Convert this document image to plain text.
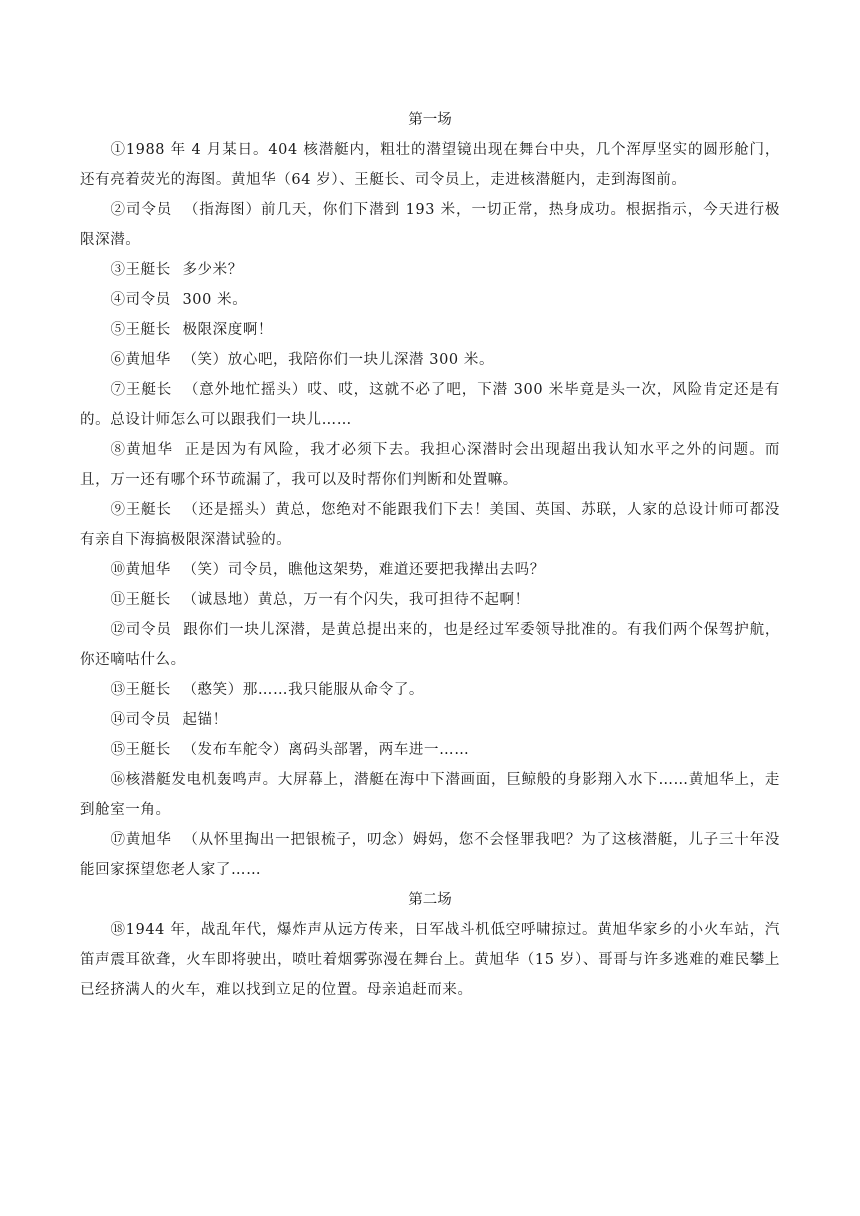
第一场

①1988 年 4 月某日。404 核潜艇内，粗壮的潜望镜出现在舞台中央，几个浑厚坚实的圆形舱门，还有亮着荧光的海图。黄旭华（64 岁）、王艇长、司令员上，走进核潜艇内，走到海图前。

②司令员 （指海图）前几天，你们下潜到 193 米，一切正常，热身成功。根据指示，今天进行极限深潜。

③王艇长 多少米？

④司令员 300 米。

⑤王艇长 极限深度啊！

⑥黄旭华 （笑）放心吧，我陪你们一块儿深潜 300 米。

⑦王艇长 （意外地忙摇头）哎、哎，这就不必了吧，下潜 300 米毕竟是头一次，风险肯定还是有的。总设计师怎么可以跟我们一块儿……

⑧黄旭华 正是因为有风险，我才必须下去。我担心深潜时会出现超出我认知水平之外的问题。而且，万一还有哪个环节疏漏了，我可以及时帮你们判断和处置嘛。

⑨王艇长 （还是摇头）黄总，您绝对不能跟我们下去！美国、英国、苏联，人家的总设计师可都没有亲自下海搞极限深潜试验的。

⑩黄旭华 （笑）司令员，瞧他这架势，难道还要把我撵出去吗？

⑪王艇长 （诚恳地）黄总，万一有个闪失，我可担待不起啊！

⑫司令员 跟你们一块儿深潜，是黄总提出来的，也是经过军委领导批准的。有我们两个保驾护航，你还嘀咕什么。

⑬王艇长 （憨笑）那……我只能服从命令了。

⑭司令员 起锚！

⑮王艇长 （发布车舵令）离码头部署，两车进一……

⑯核潜艇发电机轰鸣声。大屏幕上，潜艇在海中下潜画面，巨鲸般的身影翔入水下……黄旭华上，走到舱室一角。

⑰黄旭华 （从怀里掏出一把银梳子，叨念）姆妈，您不会怪罪我吧？为了这核潜艇，儿子三十年没能回家探望您老人家了……

第二场

⑱1944 年，战乱年代，爆炸声从远方传来，日军战斗机低空呼啸掠过。黄旭华家乡的小火车站，汽笛声震耳欲聋，火车即将驶出，喷吐着烟雾弥漫在舞台上。黄旭华（15 岁）、哥哥与许多逃难的难民攀上已经挤满人的火车，难以找到立足的位置。母亲追赶而来。
